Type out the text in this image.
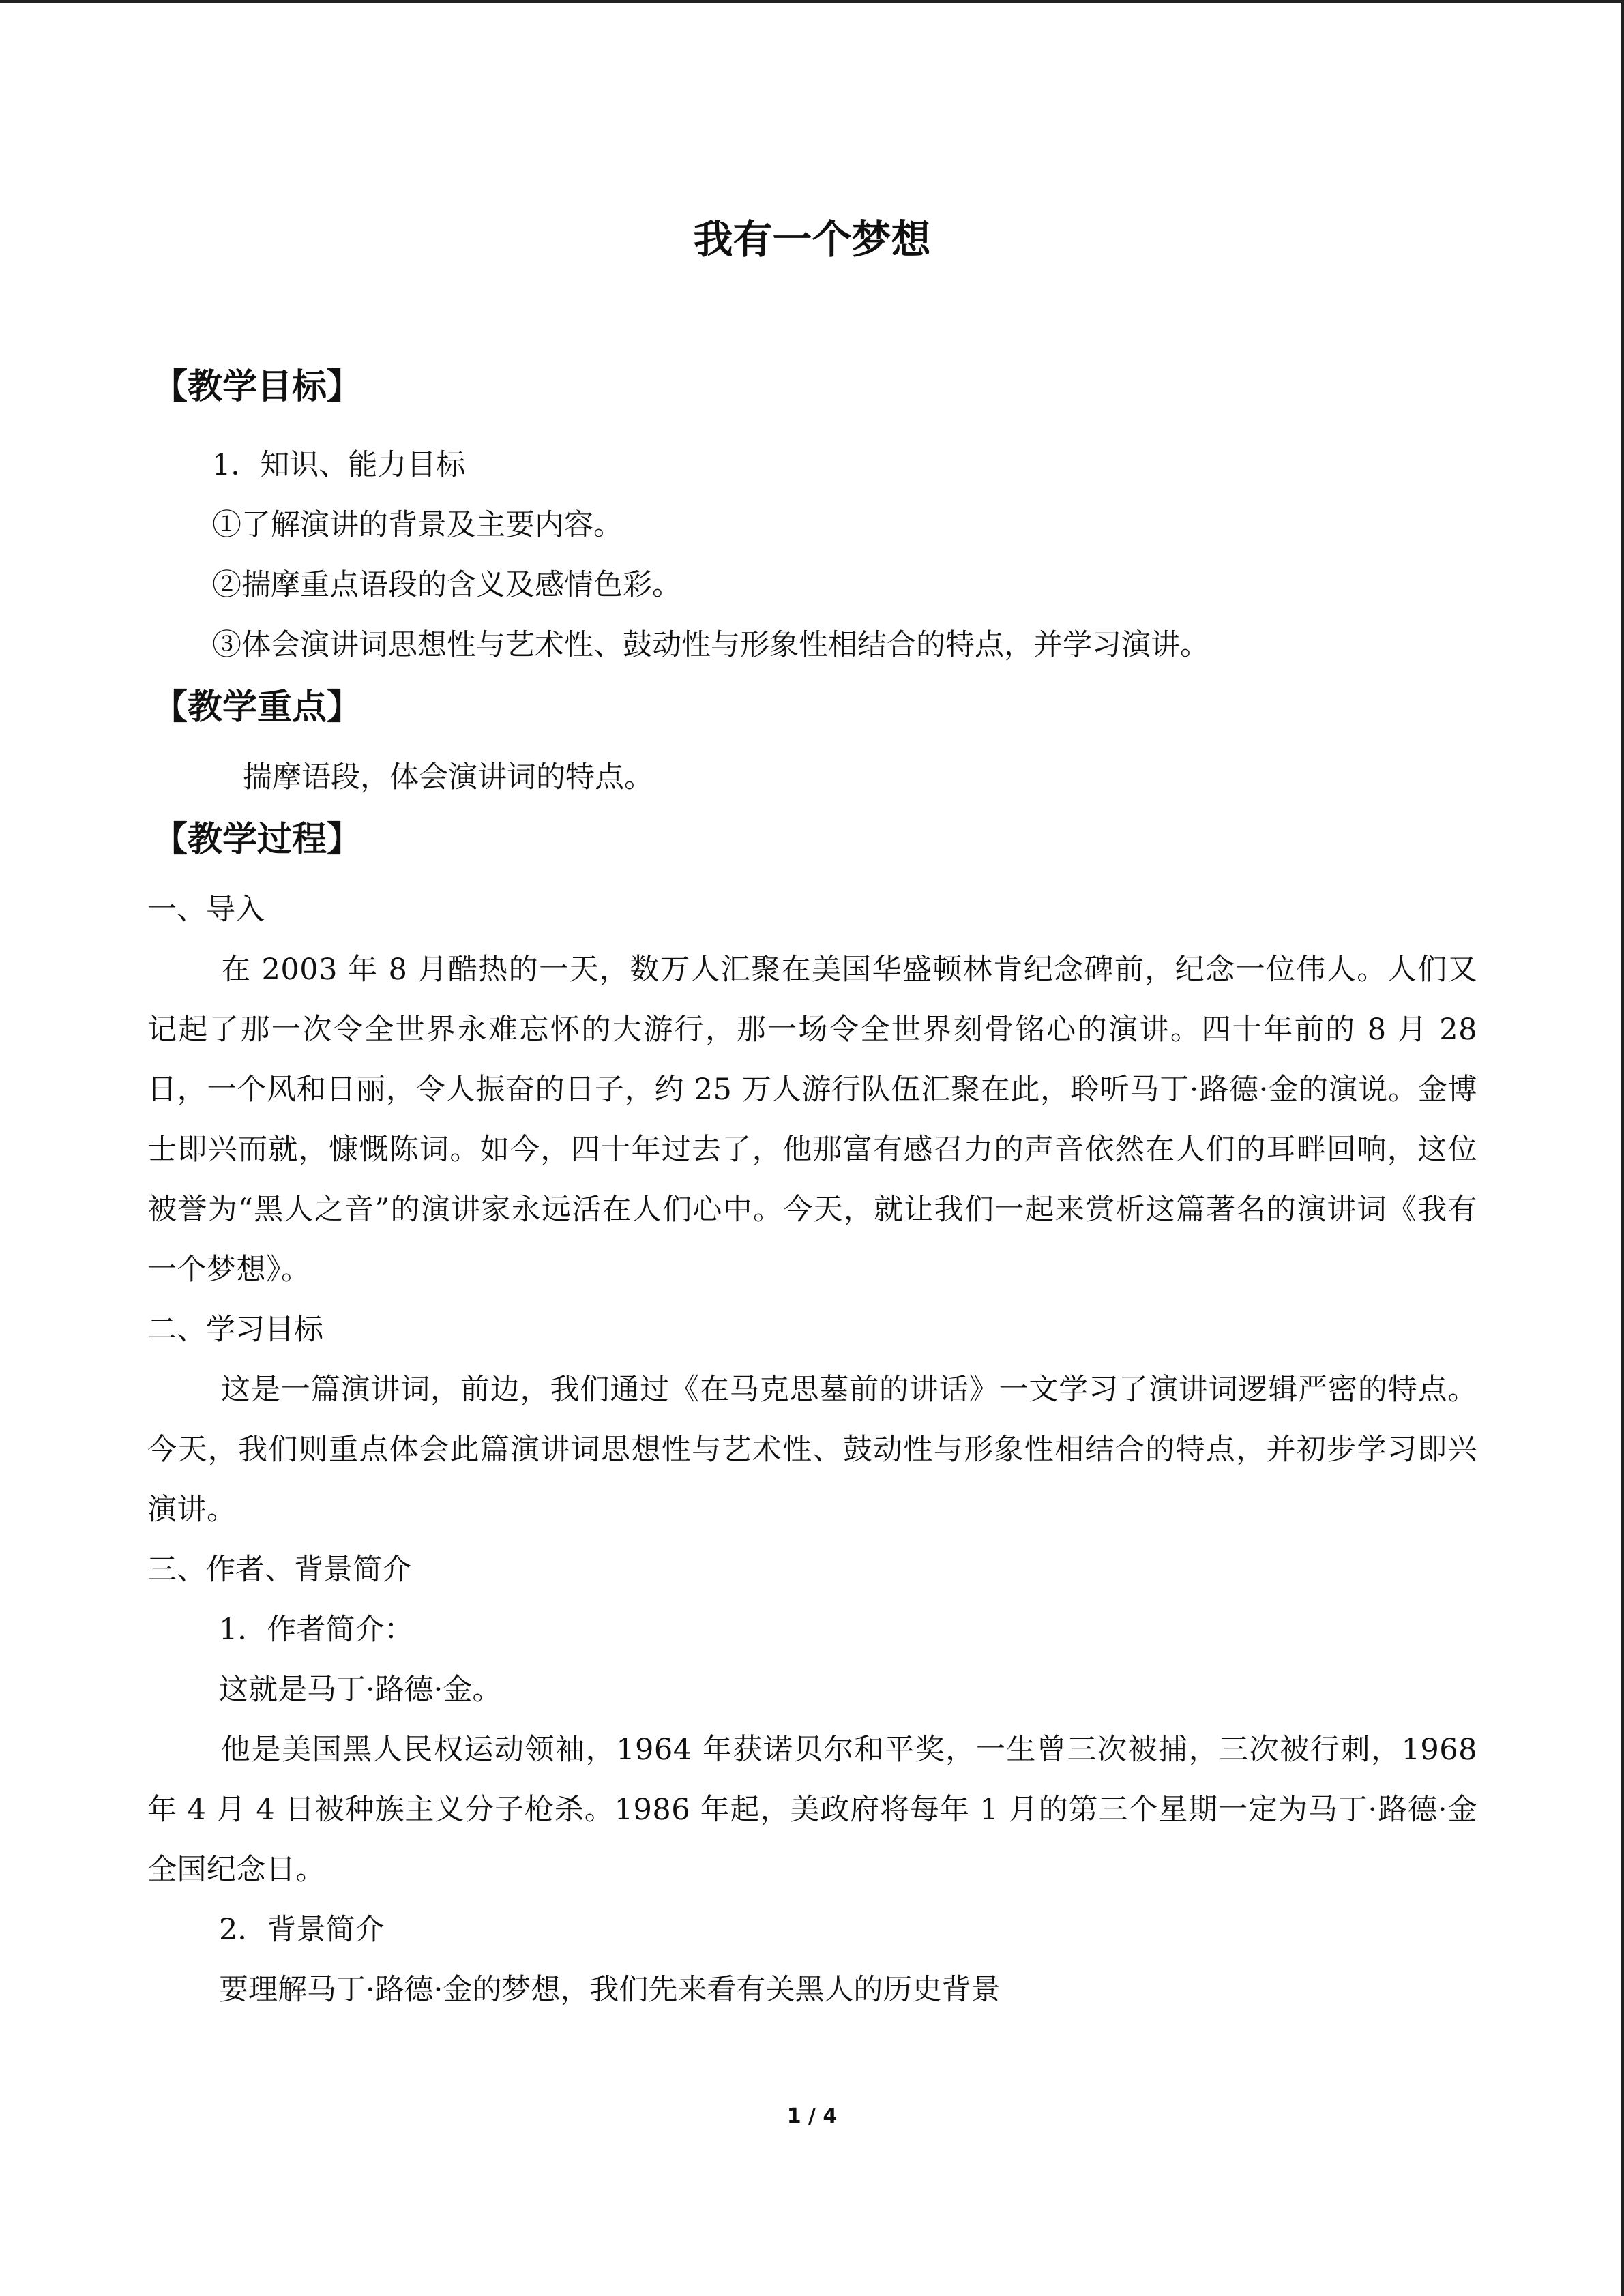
我有一个梦想
【教学目标】

1．知识、能力目标

①了解演讲的背景及主要内容。

②揣摩重点语段的含义及感情色彩。

③体会演讲词思想性与艺术性、鼓动性与形象性相结合的特点，并学习演讲。

【教学重点】

揣摩语段，体会演讲词的特点。

【教学过程】

一、导入

在 2003 年 8 月酷热的一天，数万人汇聚在美国华盛顿林肯纪念碑前，纪念一位伟人。人们又记起了那一次令全世界永难忘怀的大游行，那一场令全世界刻骨铭心的演讲。四十年前的 8 月 28 日，一个风和日丽，令人振奋的日子，约 25 万人游行队伍汇聚在此，聆听马丁·路德·金的演说。金博士即兴而就，慷慨陈词。如今，四十年过去了，他那富有感召力的声音依然在人们的耳畔回响，这位被誉为“黑人之音”的演讲家永远活在人们心中。今天，就让我们一起来赏析这篇著名的演讲词《我有一个梦想》。

二、学习目标

这是一篇演讲词，前边，我们通过《在马克思墓前的讲话》一文学习了演讲词逻辑严密的特点。今天，我们则重点体会此篇演讲词思想性与艺术性、鼓动性与形象性相结合的特点，并初步学习即兴演讲。

三、作者、背景简介

1．作者简介：

这就是马丁·路德·金。

他是美国黑人民权运动领袖，1964 年获诺贝尔和平奖，一生曾三次被捕，三次被行刺，1968 年 4 月 4 日被种族主义分子枪杀。1986 年起，美政府将每年 1 月的第三个星期一定为马丁·路德·金全国纪念日。

2．背景简介

要理解马丁·路德·金的梦想，我们先来看有关黑人的历史背景

1 / 4
